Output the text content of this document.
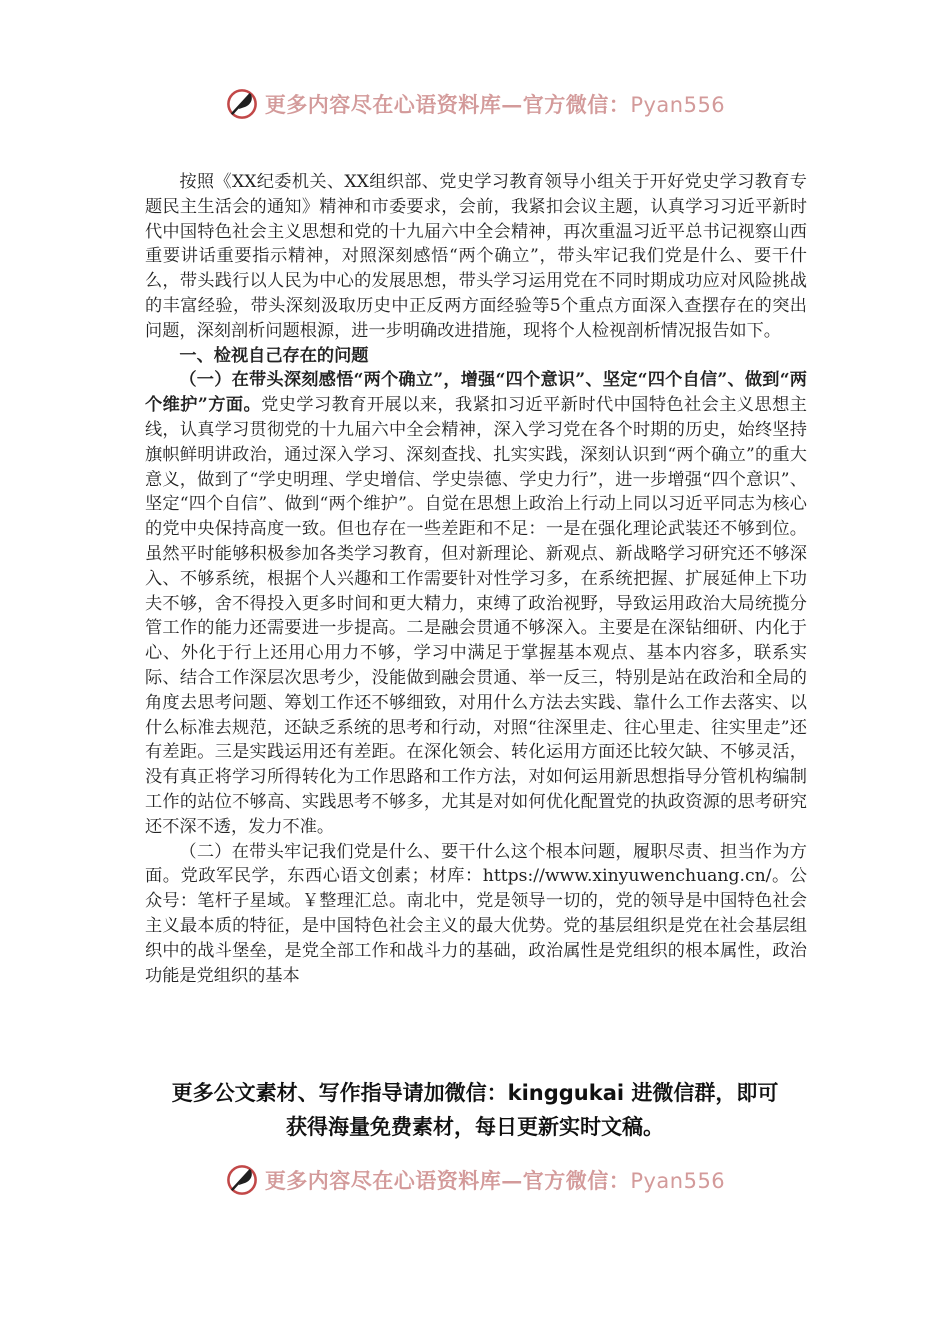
更多内容尽在心语资料库—官方微信：Pyan556

按照《XX纪委机关、XX组织部、党史学习教育领导小组关于开好党史学习教育专题民主生活会的通知》精神和市委要求，会前，我紧扣会议主题，认真学习习近平新时代中国特色社会主义思想和党的十九届六中全会精神，再次重温习近平总书记视察山西重要讲话重要指示精神，对照深刻感悟“两个确立”，带头牢记我们党是什么、要干什么，带头践行以人民为中心的发展思想，带头学习运用党在不同时期成功应对风险挑战的丰富经验，带头深刻汲取历史中正反两方面经验等5个重点方面深入查摆存在的突出问题，深刻剖析问题根源，进一步明确改进措施，现将个人检视剖析情况报告如下。

一、检视自己存在的问题

（一）在带头深刻感悟“两个确立”，增强“四个意识”、坚定“四个自信”、做到“两个维护”方面。党史学习教育开展以来，我紧扣习近平新时代中国特色社会主义思想主线，认真学习贯彻党的十九届六中全会精神，深入学习党在各个时期的历史，始终坚持旗帜鲜明讲政治，通过深入学习、深刻查找、扎实实践，深刻认识到“两个确立”的重大意义，做到了“学史明理、学史增信、学史崇德、学史力行”，进一步增强“四个意识”、坚定“四个自信”、做到“两个维护”。自觉在思想上政治上行动上同以习近平同志为核心的党中央保持高度一致。但也存在一些差距和不足：一是在强化理论武装还不够到位。虽然平时能够积极参加各类学习教育，但对新理论、新观点、新战略学习研究还不够深入、不够系统，根据个人兴趣和工作需要针对性学习多，在系统把握、扩展延伸上下功夫不够，舍不得投入更多时间和更大精力，束缚了政治视野，导致运用政治大局统揽分管工作的能力还需要进一步提高。二是融会贯通不够深入。主要是在深钻细研、内化于心、外化于行上还用心用力不够，学习中满足于掌握基本观点、基本内容多，联系实际、结合工作深层次思考少，没能做到融会贯通、举一反三，特别是站在政治和全局的角度去思考问题、筹划工作还不够细致，对用什么方法去实践、靠什么工作去落实、以什么标准去规范，还缺乏系统的思考和行动，对照“往深里走、往心里走、往实里走”还有差距。三是实践运用还有差距。在深化领会、转化运用方面还比较欠缺、不够灵活，没有真正将学习所得转化为工作思路和工作方法，对如何运用新思想指导分管机构编制工作的站位不够高、实践思考不够多，尤其是对如何优化配置党的执政资源的思考研究还不深不透，发力不准。

（二）在带头牢记我们党是什么、要干什么这个根本问题，履职尽责、担当作为方面。党政军民学，东西心语文创素；材库：https://www.xinyuwenchuang.cn/。公众号：笔杆子星域。￥整理汇总。南北中，党是领导一切的，党的领导是中国特色社会主义最本质的特征，是中国特色社会主义的最大优势。党的基层组织是党在社会基层组织中的战斗堡垒，是党全部工作和战斗力的基础，政治属性是党组织的根本属性，政治功能是党组织的基本

更多公文素材、写作指导请加微信：kinggukai 进微信群，即可
获得海量免费素材，每日更新实时文稿。
更多内容尽在心语资料库—官方微信：Pyan556
